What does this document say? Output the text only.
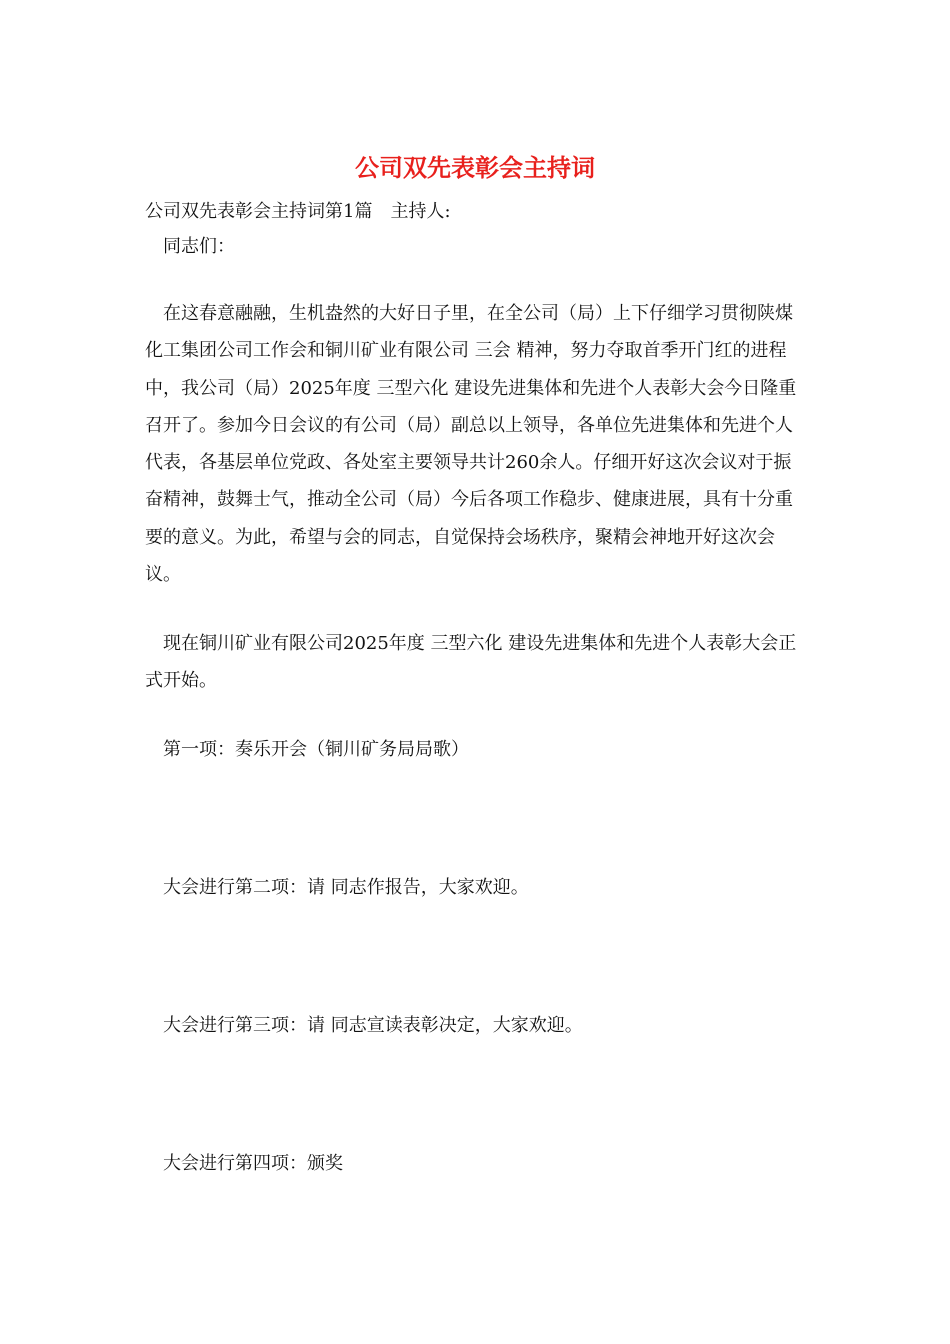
公司双先表彰会主持词
公司双先表彰会主持词第1篇　主持人:
同志们：
在这春意融融，生机盎然的大好日子里，在全公司（局）上下仔细学习贯彻陕煤化工集团公司工作会和铜川矿业有限公司 三会 精神，努力夺取首季开门红的进程中，我公司（局）2025年度 三型六化 建设先进集体和先进个人表彰大会今日隆重召开了。参加今日会议的有公司（局）副总以上领导，各单位先进集体和先进个人代表，各基层单位党政、各处室主要领导共计260余人。仔细开好这次会议对于振奋精神，鼓舞士气，推动全公司（局）今后各项工作稳步、健康进展，具有十分重要的意义。为此，希望与会的同志，自觉保持会场秩序，聚精会神地开好这次会议。
现在铜川矿业有限公司2025年度 三型六化 建设先进集体和先进个人表彰大会正式开始。
第一项：奏乐开会（铜川矿务局局歌）
大会进行第二项：请 同志作报告，大家欢迎。
大会进行第三项：请 同志宣读表彰决定，大家欢迎。
大会进行第四项：颁奖
